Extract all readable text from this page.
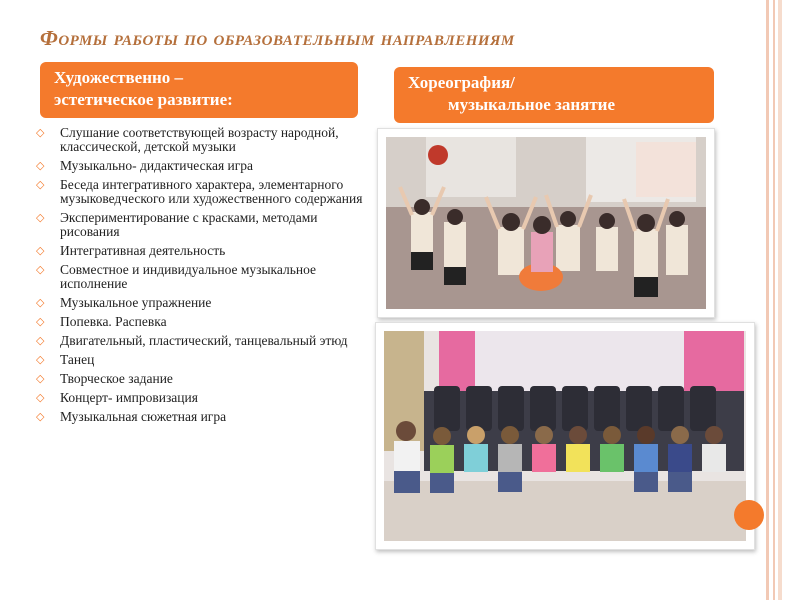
Формы работы по образовательным направлениям
Художественно –
эстетическое развитие:
Хореография/
музыкальное занятие
◇ Слушание соответствующей возрасту народной, классической, детской музыки
◇ Музыкально- дидактическая игра
◇ Беседа интегративного характера, элементарного музыковедческого или художественного содержания
◇ Экспериментирование с красками, методами рисования
◇ Интегративная деятельность
◇ Совместное и индивидуальное музыкальное исполнение
◇ Музыкальное упражнение
◇ Попевка. Распевка
◇ Двигательный, пластический, танцевальный этюд
◇ Танец
◇ Творческое задание
◇ Концерт- импровизация
◇ Музыкальная сюжетная игра
